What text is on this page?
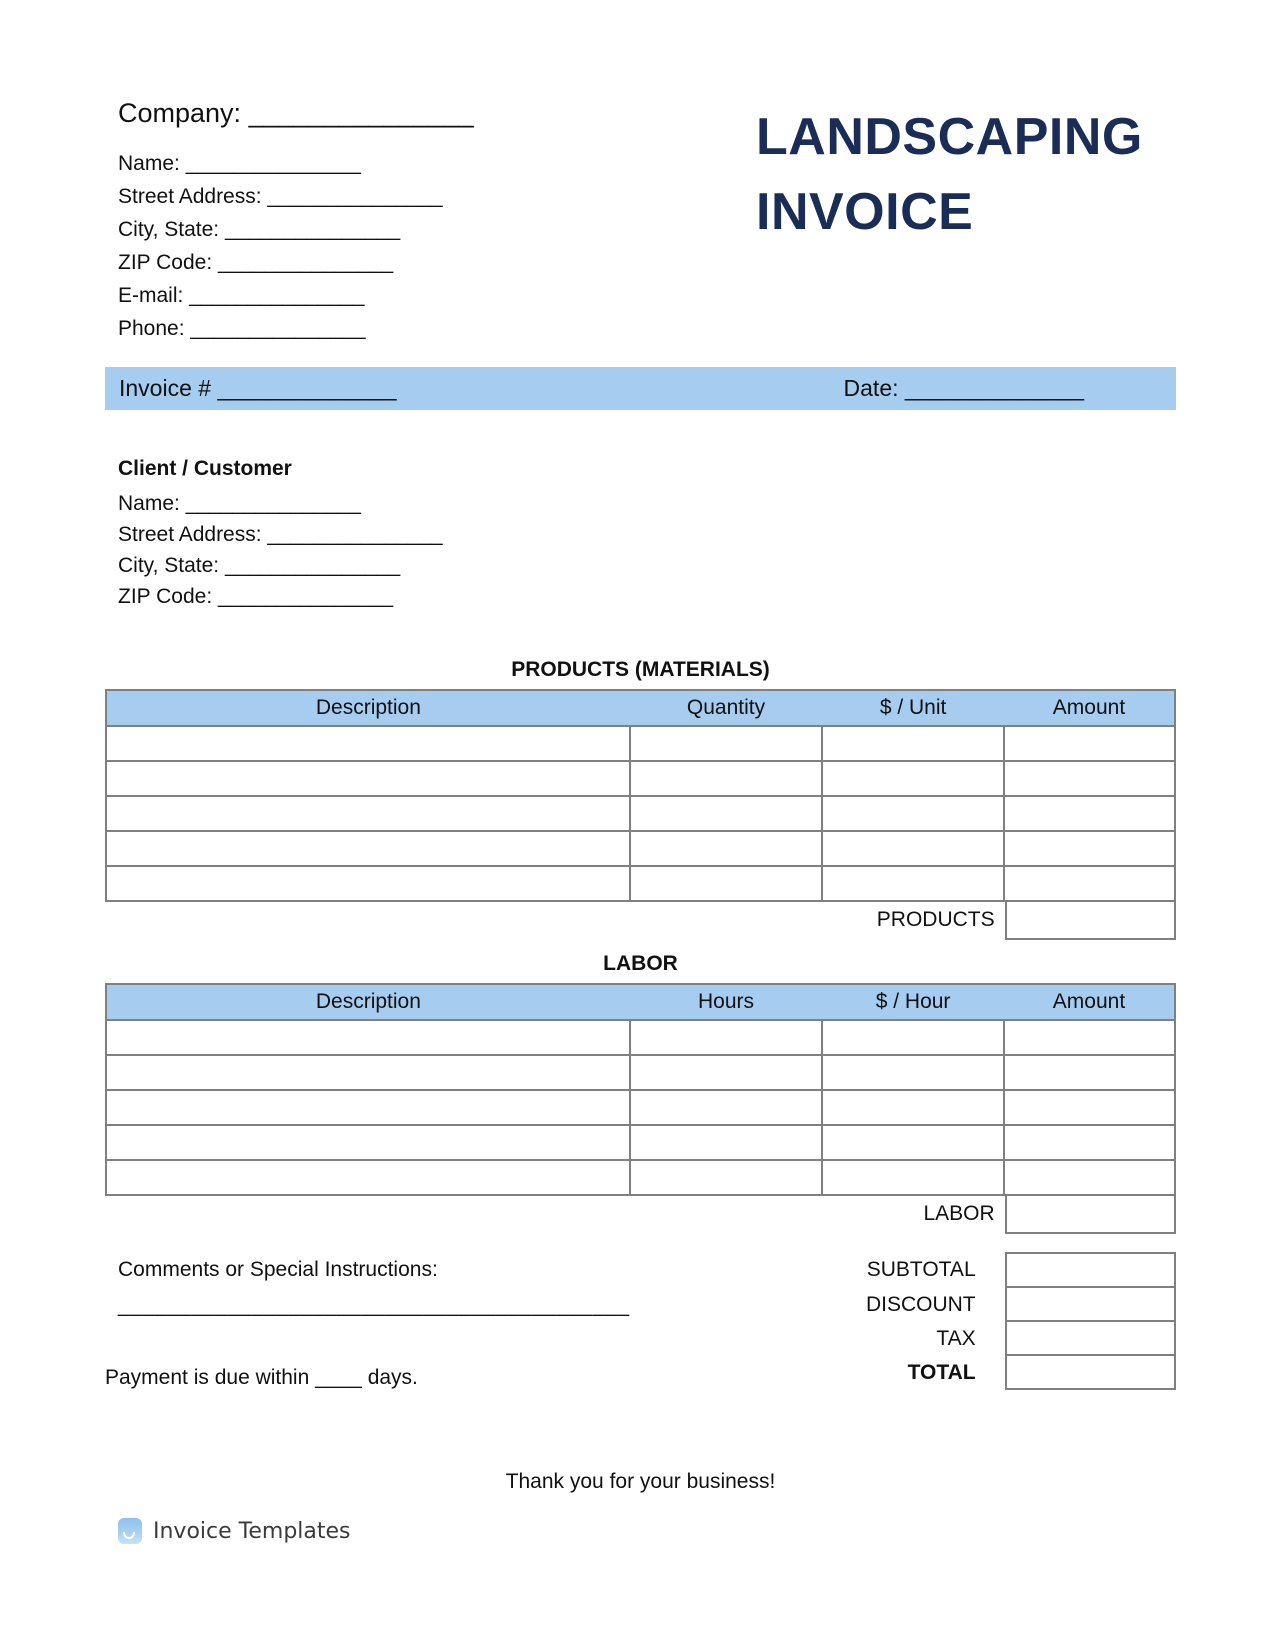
Company: _______________
Name: _______________
Street Address: _______________
City, State: _______________
ZIP Code: _______________
E-mail: _______________
Phone: _______________
LANDSCAPING INVOICE
Invoice # ______________	Date: ______________
Client / Customer
Name: _______________
Street Address: _______________
City, State: _______________
ZIP Code: _______________
PRODUCTS (MATERIALS)
Description	Quantity	$ / Unit	Amount

PRODUCTS
LABOR
Description	Hours	$ / Hour	Amount

LABOR
Comments or Special Instructions:
__________________________________________
Payment is due within
____
days.
SUBTOTAL
DISCOUNT
TAX
TOTAL
Thank you for your business!
Invoice Templates
